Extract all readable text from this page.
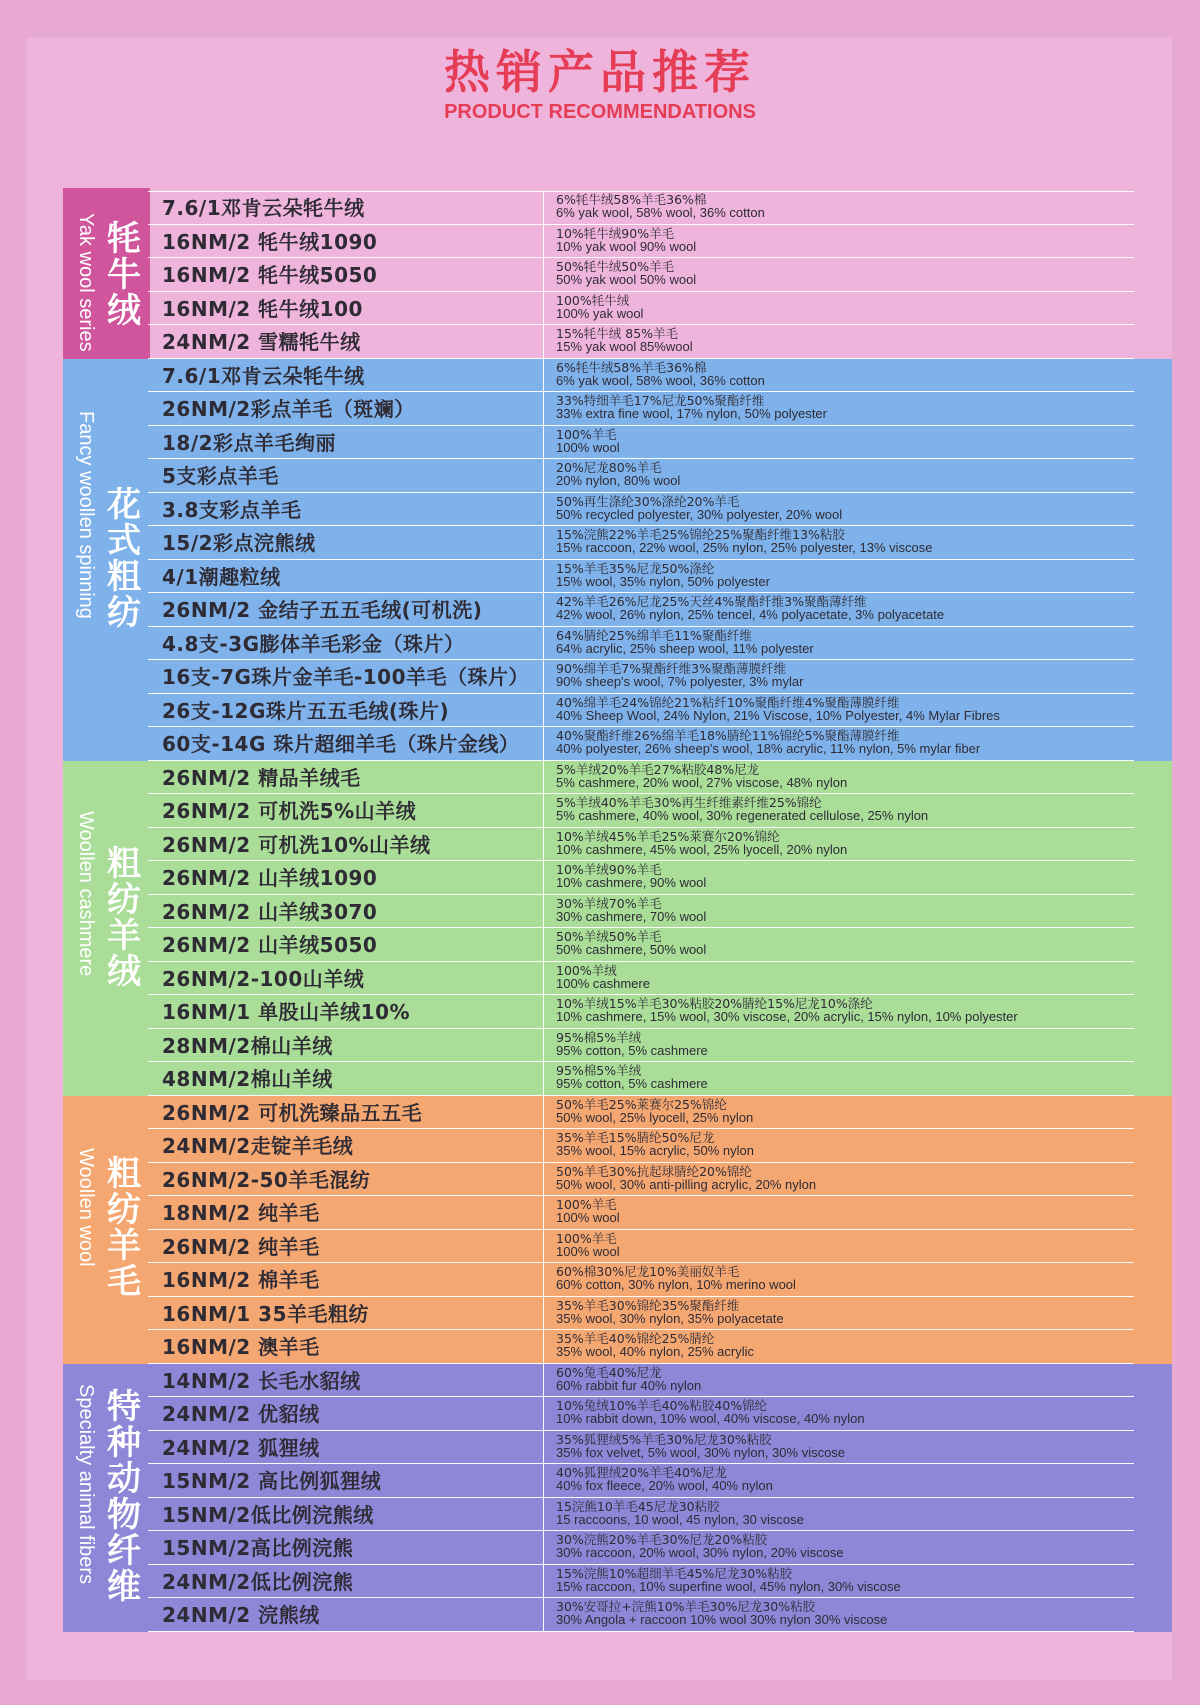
热销产品推荐
PRODUCT RECOMMENDATIONS
Yak wool series 牦牛绒
7.6/1邓肯云朵牦牛绒	6%牦牛绒58%羊毛36%棉
6% yak wool, 58% wool, 36% cotton
16NM/2 牦牛绒1090	10%牦牛绒90%羊毛
10% yak wool 90% wool
16NM/2 牦牛绒5050	50%牦牛绒50%羊毛
50% yak wool 50% wool
16NM/2 牦牛绒100	100%牦牛绒
100% yak wool
24NM/2 雪糯牦牛绒	15%牦牛绒 85%羊毛
15% yak wool 85%wool
Fancy woollen spinning 花式粗纺
7.6/1邓肯云朵牦牛绒	6%牦牛绒58%羊毛36%棉
6% yak wool, 58% wool, 36% cotton
26NM/2彩点羊毛（斑斓）	33%特细羊毛17%尼龙50%聚酯纤维
33% extra fine wool, 17% nylon, 50% polyester
18/2彩点羊毛绚丽	100%羊毛
100% wool
5支彩点羊毛	20%尼龙80%羊毛
20% nylon, 80% wool
3.8支彩点羊毛	50%再生涤纶30%涤纶20%羊毛
50% recycled polyester, 30% polyester, 20% wool
15/2彩点浣熊绒	15%浣熊22%羊毛25%锦纶25%聚酯纤维13%粘胶
15% raccoon, 22% wool, 25% nylon, 25% polyester, 13% viscose
4/1潮趣粒绒	15%羊毛35%尼龙50%涤纶
15% wool, 35% nylon, 50% polyester
26NM/2 金结子五五毛绒(可机洗)	42%羊毛26%尼龙25%天丝4%聚酯纤维3%聚酯薄纤维
42% wool, 26% nylon, 25% tencel, 4% polyacetate, 3% polyacetate
4.8支-3G膨体羊毛彩金（珠片）	64%腈纶25%绵羊毛11%聚酯纤维
64% acrylic, 25% sheep wool, 11% polyester
16支-7G珠片金羊毛-100羊毛（珠片） 90%绵羊毛7%聚酯纤维3%聚酯薄膜纤维
90% sheep's wool, 7% polyester, 3% mylar
26支-12G珠片五五毛绒(珠片)	40%绵羊毛24%锦纶21%粘纤10%聚酯纤维4%聚酯薄膜纤维
40% Sheep Wool, 24% Nylon, 21% Viscose, 10% Polyester, 4% Mylar Fibres
60支-14G 珠片超细羊毛（珠片金线）	40%聚酯纤维26%绵羊毛18%腈纶11%锦纶5%聚酯薄膜纤维
40% polyester, 26% sheep's wool, 18% acrylic, 11% nylon, 5% mylar fiber
Woollen cashmere 粗纺羊绒
26NM/2 精品羊绒毛	5%羊绒20%羊毛27%粘胶48%尼龙
5% cashmere, 20% wool, 27% viscose, 48% nylon
26NM/2 可机洗5%山羊绒	5%羊绒40%羊毛30%再生纤维素纤维25%锦纶
5% cashmere, 40% wool, 30% regenerated cellulose, 25% nylon
26NM/2 可机洗10%山羊绒	10%羊绒45%羊毛25%莱赛尔20%锦纶
10% cashmere, 45% wool, 25% lyocell, 20% nylon
26NM/2 山羊绒1090	10%羊绒90%羊毛
10% cashmere, 90% wool
26NM/2 山羊绒3070	30%羊绒70%羊毛
30% cashmere, 70% wool
26NM/2 山羊绒5050	50%羊绒50%羊毛
50% cashmere, 50% wool
26NM/2-100山羊绒	100%羊绒
100% cashmere
16NM/1 单股山羊绒10%	10%羊绒15%羊毛30%粘胶20%腈纶15%尼龙10%涤纶
10% cashmere, 15% wool, 30% viscose, 20% acrylic, 15% nylon, 10% polyester
28NM/2棉山羊绒	95%棉5%羊绒
95% cotton, 5% cashmere
48NM/2棉山羊绒	95%棉5%羊绒
95% cotton, 5% cashmere
Woollen wool 粗纺羊毛
26NM/2 可机洗臻品五五毛	50%羊毛25%莱赛尔25%锦纶
50% wool, 25% lyocell, 25% nylon
24NM/2走锭羊毛绒	35%羊毛15%腈纶50%尼龙
35% wool, 15% acrylic, 50% nylon
26NM/2-50羊毛混纺	50%羊毛30%抗起球腈纶20%锦纶
50% wool, 30% anti-pilling acrylic, 20% nylon
18NM/2 纯羊毛	100%羊毛
100% wool
26NM/2 纯羊毛	100%羊毛
100% wool
16NM/2 棉羊毛	60%棉30%尼龙10%美丽奴羊毛
60% cotton, 30% nylon, 10% merino wool
16NM/1 35羊毛粗纺	35%羊毛30%锦纶35%聚酯纤维
35% wool, 30% nylon, 35% polyacetate
16NM/2 澳羊毛	35%羊毛40%锦纶25%腈纶
35% wool, 40% nylon, 25% acrylic
Specialty animal fibers 特种动物纤维
14NM/2 长毛水貂绒	60%兔毛40%尼龙
60% rabbit fur 40% nylon
24NM/2 优貂绒	10%兔绒10%羊毛40%粘胶40%锦纶
10% rabbit down, 10% wool, 40% viscose, 40% nylon
24NM/2 狐狸绒	35%狐狸绒5%羊毛30%尼龙30%粘胶
35% fox velvet, 5% wool, 30% nylon, 30% viscose
15NM/2 高比例狐狸绒	40%狐狸绒20%羊毛40%尼龙
40% fox fleece, 20% wool, 40% nylon
15NM/2低比例浣熊绒	15浣熊10羊毛45尼龙30粘胶
15 raccoons, 10 wool, 45 nylon, 30 viscose
15NM/2高比例浣熊	30%浣熊20%羊毛30%尼龙20%粘胶
30% raccoon, 20% wool, 30% nylon, 20% viscose
24NM/2低比例浣熊	15%浣熊10%超细羊毛45%尼龙30%粘胶
15% raccoon, 10% superfine wool, 45% nylon, 30% viscose
24NM/2 浣熊绒	30%安哥拉+浣熊10%羊毛30%尼龙30%粘胶
30% Angola + raccoon 10% wool 30% nylon 30% viscose
